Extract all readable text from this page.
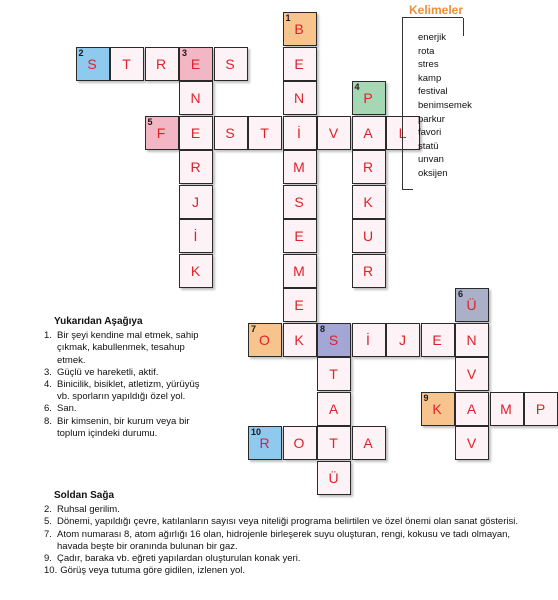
1
B
2
S T R
3
E S	E
N	N
4
P
5
F E S T İ V A L
R	M	R
J	S	K
İ	E	U
K	M	R
E
6
Ü
7
O K
8
S İ J E N
T	V
A
9
K A M P
10
R O T A	V
Ü
Kelimeler
enerjik
rota
stres
kamp
festival
benimsemek
parkur
favori
statü
unvan
oksijen
Yukarıdan Aşağıya
1. Bir şeyi kendine mal etmek, sahip çıkmak, kabullenmek, tesahup etmek.
3. Güçlü ve hareketli, aktif.
4. Binicilik, bisiklet, atletizm, yürüyüş vb. sporların yapıldığı özel yol.
6. San.
8. Bir kimsenin, bir kurum veya bir toplum içindeki durumu.
Soldan Sağa
2. Ruhsal gerilim.
5. Dönemi, yapıldığı çevre, katılanların sayısı veya niteliği programa belirtilen ve özel önemi olan sanat gösterisi.
7. Atom numarası 8, atom ağırlığı 16 olan, hidrojenle birleşerek suyu oluşturan, rengi, kokusu ve tadı olmayan, havada beşte bir oranında bulunan bir gaz.
9. Çadır, baraka vb. eğreti yapılardan oluşturulan konak yeri.
10. Görüş veya tutuma göre gidilen, izlenen yol.
